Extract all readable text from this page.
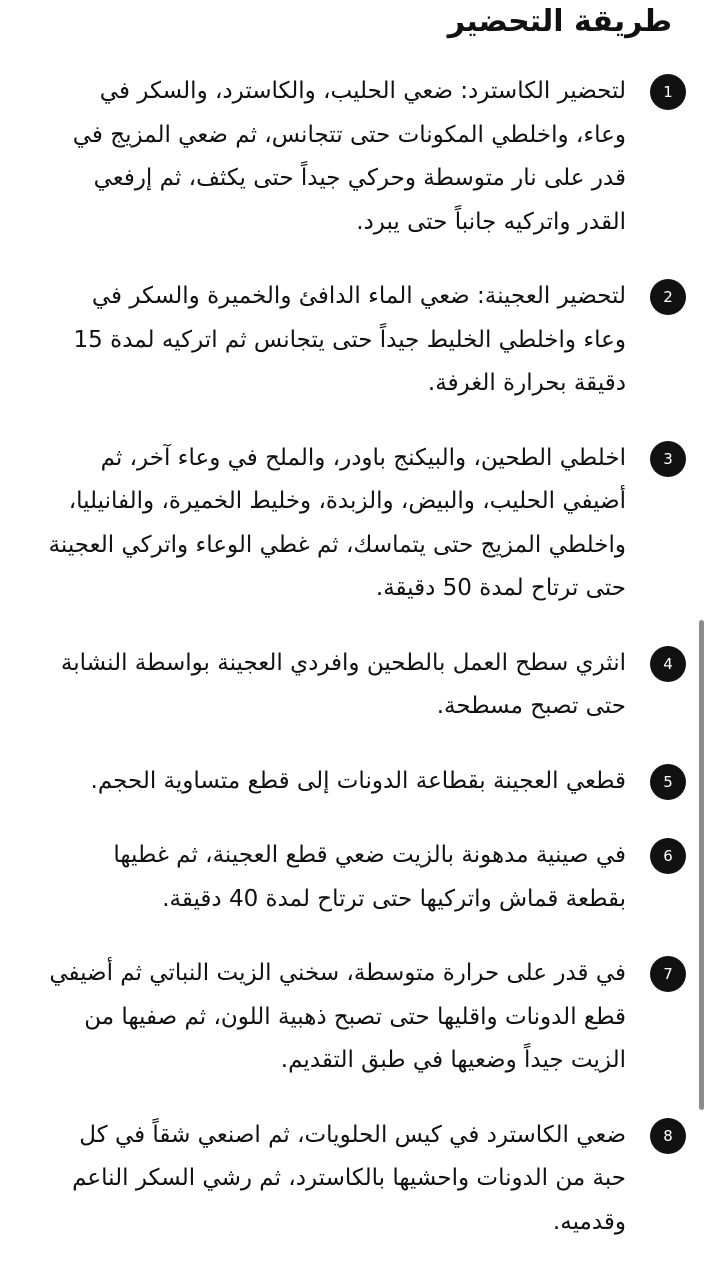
طريقة التحضير
1

لتحضير الكاسترد: ضعي الحليب، والكاسترد، والسكر في وعاء، واخلطي المكونات حتى تتجانس، ثم ضعي المزيج في قدر على نار متوسطة وحركي جيداً حتى يكثف، ثم إرفعي القدر واتركيه جانباً حتى يبرد.

2

لتحضير العجينة: ضعي الماء الدافئ والخميرة والسكر في وعاء واخلطي الخليط جيداً حتى يتجانس ثم اتركيه لمدة 15 دقيقة بحرارة الغرفة.

3

اخلطي الطحين، والبيكنج باودر، والملح في وعاء آخر، ثم أضيفي الحليب، والبيض، والزبدة، وخليط الخميرة، والفانيليا، واخلطي المزيج حتى يتماسك، ثم غطي الوعاء واتركي العجينة حتى ترتاح لمدة 50 دقيقة.

4

انثري سطح العمل بالطحين وافردي العجينة بواسطة النشابة حتى تصبح مسطحة.

5

قطعي العجينة بقطاعة الدونات إلى قطع متساوية الحجم.

6

في صينية مدهونة بالزيت ضعي قطع العجينة، ثم غطيها بقطعة قماش واتركيها حتى ترتاح لمدة 40 دقيقة.

7

في قدر على حرارة متوسطة، سخني الزيت النباتي ثم أضيفي قطع الدونات واقليها حتى تصبح ذهبية اللون، ثم صفيها من الزيت جيداً وضعيها في طبق التقديم.

8

ضعي الكاسترد في كيس الحلويات، ثم اصنعي شقاً في كل حبة من الدونات واحشيها بالكاسترد، ثم رشي السكر الناعم وقدميه.
